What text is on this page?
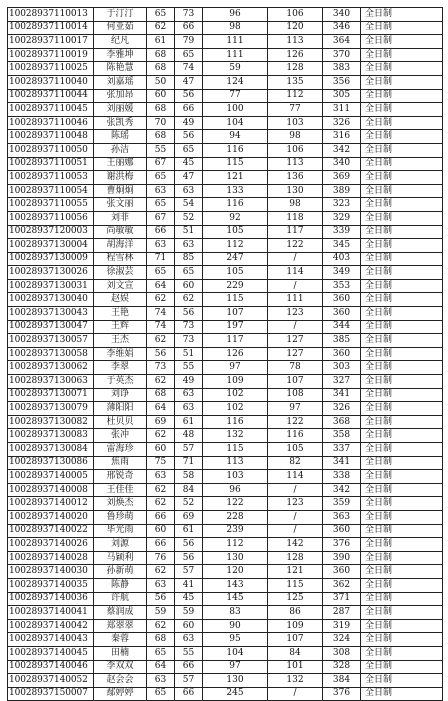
10028937110013	于汀汀	65	73	96	106	340	全日制
10028937110014	何亚茹	62	66	98	120	346	全日制
10028937110017	纪凡	61	79	111	113	364	全日制
10028937110019	李雅坤	68	65	111	126	370	全日制
10028937110025	陈艳慧	68	74	59	128	383	全日制
10028937110040	刘嘉瑶	50	47	124	135	356	全日制
10028937110044	张加昂	60	56	77	112	305	全日制
10028937110045	刘丽媛	68	66	100	77	311	全日制
10028937110046	张凯秀	70	49	104	103	326	全日制
10028937110048	陈瑶	68	56	94	98	316	全日制
10028937110050	孙洁	55	65	116	106	342	全日制
10028937110051	王丽娜	67	45	115	113	340	全日制
10028937110053	谢洪梅	65	47	121	136	369	全日制
10028937110054	曹炯炯	63	63	133	130	389	全日制
10028937110055	张文丽	65	54	116	98	323	全日制
10028937110056	刘菲	67	52	92	118	329	全日制
10028937120003	尚敏敏	66	51	105	117	339	全日制
10028937130004	胡海洋	63	63	112	122	345	全日制
10028937130009	程雪林	71	85	247	/	403	全日制
10028937130026	徐淑芸	65	65	105	114	349	全日制
10028937130031	刘文宣	64	60	229	/	353	全日制
10028937130040	赵娱	62	62	115	111	360	全日制
10028937130043	王艳	74	56	107	123	360	全日制
10028937130047	王辉	74	73	197	/	344	全日制
10028937130057	王杰	62	73	117	127	385	全日制
10028937130058	李维娟	56	51	126	127	360	全日制
10028937130062	李翠	73	55	97	78	303	全日制
10028937130063	于英杰	62	49	109	107	327	全日制
10028937130071	刘诤	68	63	102	108	341	全日制
10028937130079	薄阳阳	64	63	102	97	326	全日制
10028937130082	杜贝贝	69	61	116	122	368	全日制
10028937130083	张冲	62	48	132	116	358	全日制
10028937130084	雷海珍	60	57	115	105	337	全日制
10028937130086	焦雨	75	71	113	82	341	全日制
10028937140005	邢锐奇	63	58	103	114	338	全日制
10028937140008	王佳佳	62	84	96	/	342	全日制
10028937140012	刘焕杰	62	52	122	123	359	全日制
10028937140020	鲁珍萌	66	69	228	/	363	全日制
10028937140022	毕光雨	60	61	239	/	360	全日制
10028937140026	刘源	66	56	112	142	376	全日制
10028937140028	马颖利	76	56	130	128	390	全日制
10028937140030	孙新萌	62	57	120	121	360	全日制
10028937140035	陈静	63	41	143	115	362	全日制
10028937140036	许航	56	45	145	125	371	全日制
10028937140041	蔡润成	59	59	83	86	287	全日制
10028937140042	郑翠翠	62	60	90	109	319	全日制
10028937140043	秦蓉	68	63	95	107	324	全日制
10028937140045	田楠	65	55	104	84	308	全日制
10028937140046	李双双	64	66	97	101	328	全日制
10028937140052	赵会会	63	57	130	132	384	全日制
10028937150007	鄢婷婷	65	66	245	/	376	全日制
